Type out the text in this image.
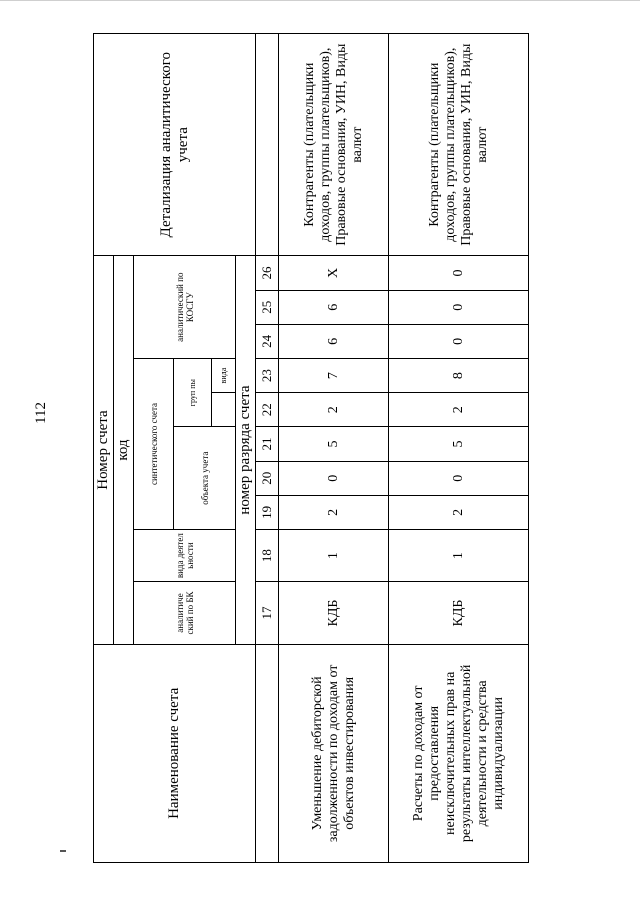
112
Наименование счета	Номер счета										Детализация аналитического учета
	код										
	аналитиче ский по БК	вида деятел ьности	синтетического счета					аналитический по КОСГУ			
			объекта учета			груп пы					
							вида				
	номер разряда счета										
	17	18	19	20	21	22	23	24	25	26	
Уменьшение дебиторской задолженности по доходам от объектов инвестирования	КДБ	1	2	0	5	2	7	6	6	X	Контрагенты (плательщики доходов, группы плательщиков), Правовые основания, УИН, Виды валют
Расчеты по доходам от предоставления неисключительных прав на результаты интеллектуальной деятельности и средства индивидуализации	КДБ	1	2	0	5	2	8	0	0	0	Контрагенты (плательщики доходов, группы плательщиков), Правовые основания, УИН, Виды валют
